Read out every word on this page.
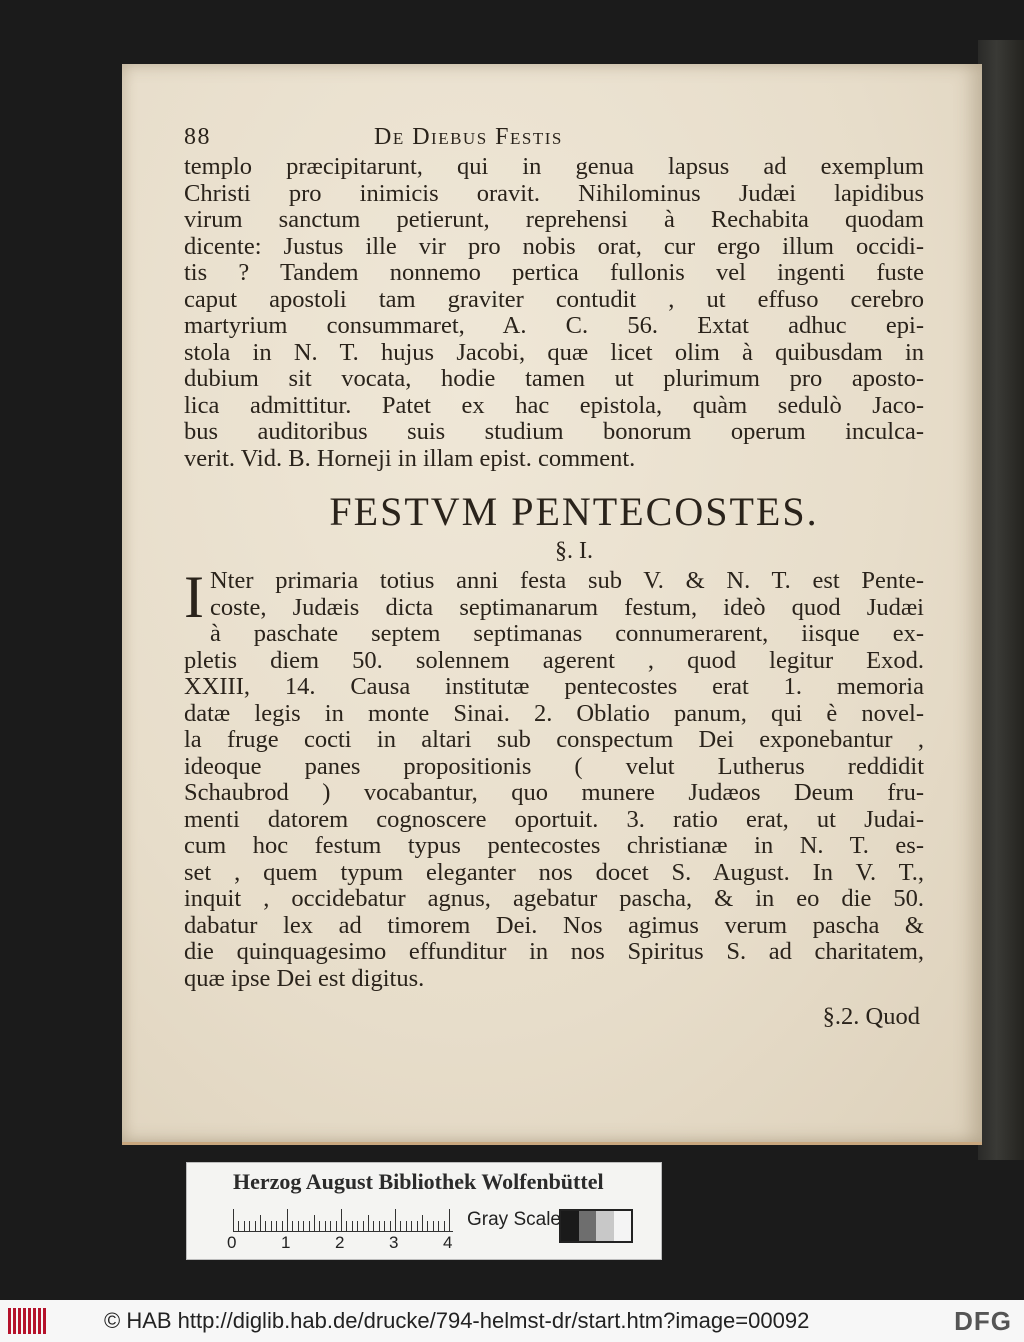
88	De Diebus Festis
templo præcipitarunt, qui in genua lapsus ad exemplum
Christi pro inimicis oravit. Nihilominus Judæi lapidibus
virum sanctum petierunt, reprehensi à Rechabita quodam
dicente: Justus ille vir pro nobis orat, cur ergo illum occidi-
tis ? Tandem nonnemo pertica fullonis vel ingenti fuste
caput apostoli tam graviter contudit , ut effuso cerebro
martyrium consummaret, A. C. 56. Extat adhuc epi-
stola in N. T. hujus Jacobi, quæ licet olim à quibusdam in
dubium sit vocata, hodie tamen ut plurimum pro aposto-
lica admittitur. Patet ex hac epistola, quàm sedulò Jaco-
bus auditoribus suis studium bonorum operum inculca-
verit. Vid. B. Horneji in illam epist. comment.
FESTVM PENTECOSTES.
§. I.
I Nter primaria totius anni festa sub V. & N. T. est Pente-
coste, Judæis dicta septimanarum festum, ideò quod Judæi
à paschate septem septimanas connumerarent, iisque ex-
pletis diem 50. solennem agerent , quod legitur Exod.
XXIII, 14. Causa institutæ pentecostes erat 1. memoria
datæ legis in monte Sinai. 2. Oblatio panum, qui è novel-
la fruge cocti in altari sub conspectum Dei exponebantur ,
ideoque panes propositionis ( velut Lutherus reddidit
Schaubrod ) vocabantur, quo munere Judæos Deum fru-
menti datorem cognoscere oportuit. 3. ratio erat, ut Judai-
cum hoc festum typus pentecostes christianæ in N. T. es-
set , quem typum eleganter nos docet S. August. In V. T.,
inquit , occidebatur agnus, agebatur pascha, & in eo die 50.
dabatur lex ad timorem Dei. Nos agimus verum pascha &
die quinquagesimo effunditur in nos Spiritus S. ad charitatem,
quæ ipse Dei est digitus.
§.2. Quod
Herzog August Bibliothek Wolfenbüttel
0	1	2	3	4
Gray Scale
© HAB http://diglib.hab.de/drucke/794-helmst-dr/start.htm?image=00092	DFG
